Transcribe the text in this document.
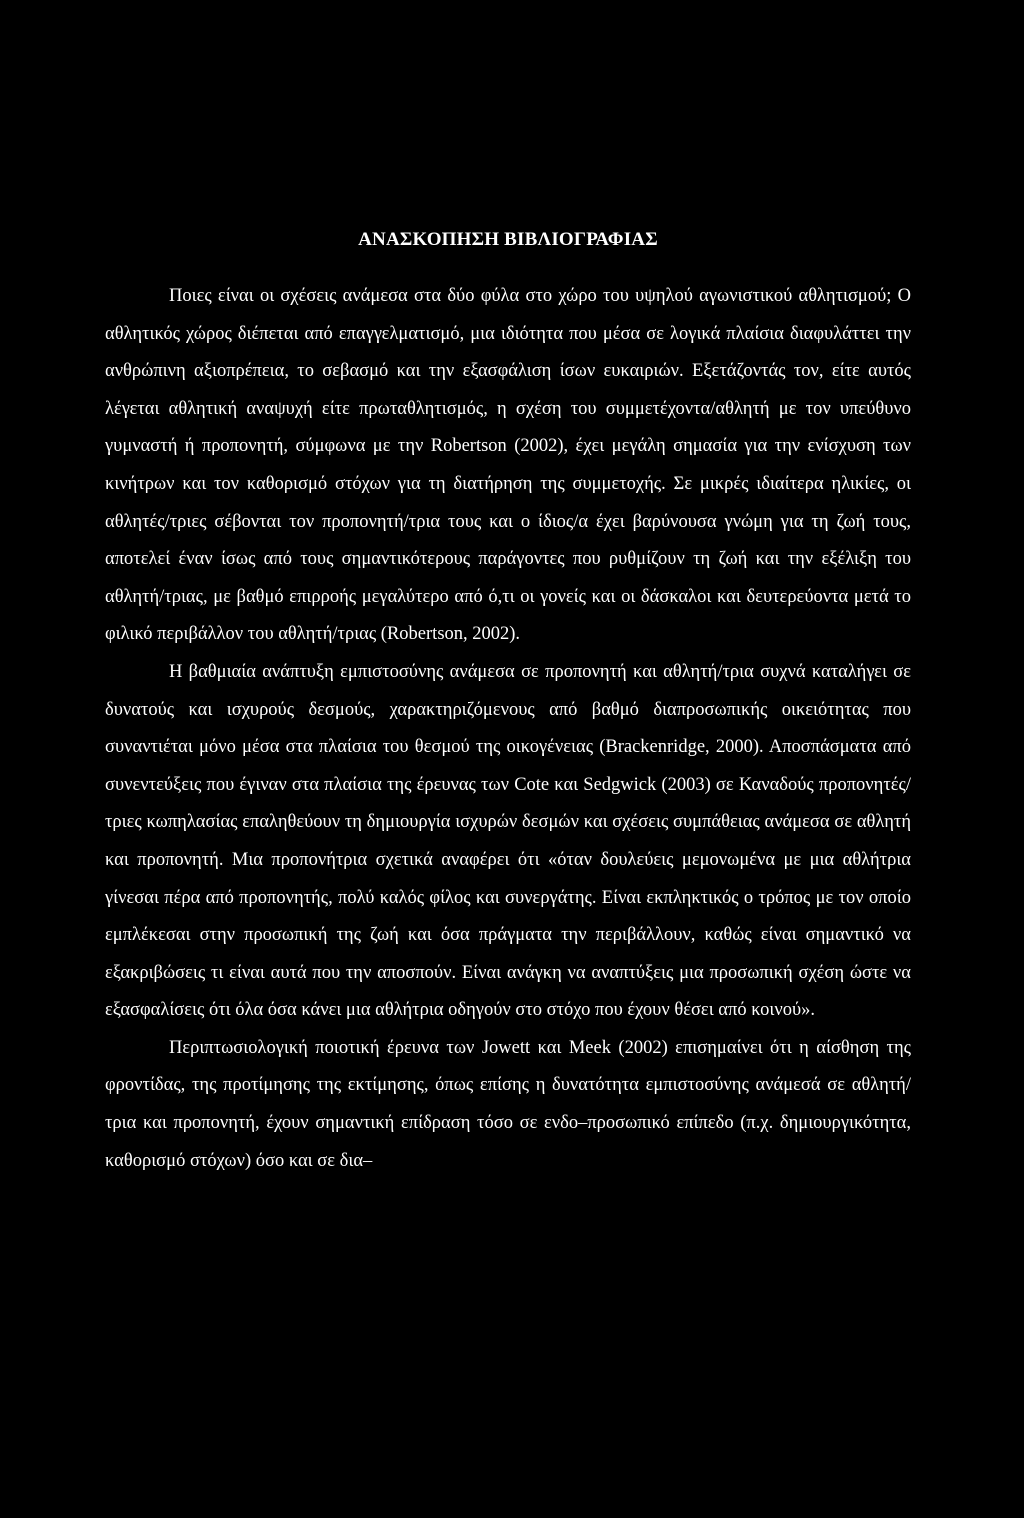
ΑΝΑΣΚΟΠΗΣΗ ΒΙΒΛΙΟΓΡΑΦΙΑΣ

Ποιες είναι οι σχέσεις ανάμεσα στα δύο φύλα στο χώρο του υψηλού αγωνιστικού αθλητισμού; Ο αθλητικός χώρος διέπεται από επαγγελματισμό, μια ιδιότητα που μέσα σε λογικά πλαίσια διαφυλάττει την ανθρώπινη αξιοπρέπεια, το σεβασμό και την εξασφάλιση ίσων ευκαιριών. Εξετάζοντάς τον, είτε αυτός λέγεται αθλητική αναψυχή είτε πρωταθλητισμός, η σχέση του συμμετέχοντα/αθλητή με τον υπεύθυνο γυμναστή ή προπονητή, σύμφωνα με την Robertson (2002), έχει μεγάλη σημασία για την ενίσχυση των κινήτρων και τον καθορισμό στόχων για τη διατήρηση της συμμετοχής. Σε μικρές ιδιαίτερα ηλικίες, οι αθλητές/τριες σέβονται τον προπονητή/τρια τους και ο ίδιος/α έχει βαρύνουσα γνώμη για τη ζωή τους, αποτελεί έναν ίσως από τους σημαντικότερους παράγοντες που ρυθμίζουν τη ζωή και την εξέλιξη του αθλητή/τριας, με βαθμό επιρροής μεγαλύτερο από ό,τι οι γονείς και οι δάσκαλοι και δευτερεύοντα μετά το φιλικό περιβάλλον του αθλητή/τριας (Robertson, 2002).

Η βαθμιαία ανάπτυξη εμπιστοσύνης ανάμεσα σε προπονητή και αθλητή/τρια συχνά καταλήγει σε δυνατούς και ισχυρούς δεσμούς, χαρακτηριζόμενους από βαθμό διαπροσωπικής οικειότητας που συναντιέται μόνο μέσα στα πλαίσια του θεσμού της οικογένειας (Brackenridge, 2000). Αποσπάσματα από συνεντεύξεις που έγιναν στα πλαίσια της έρευνας των Cote και Sedgwick (2003) σε Καναδούς προπονητές/τριες κωπηλασίας επαληθεύουν τη δημιουργία ισχυρών δεσμών και σχέσεις συμπάθειας ανάμεσα σε αθλητή και προπονητή. Μια προπονήτρια σχετικά αναφέρει ότι «όταν δουλεύεις μεμονωμένα με μια αθλήτρια γίνεσαι πέρα από προπονητής, πολύ καλός φίλος και συνεργάτης. Είναι εκπληκτικός ο τρόπος με τον οποίο εμπλέκεσαι στην προσωπική της ζωή και όσα πράγματα την περιβάλλουν, καθώς είναι σημαντικό να εξακριβώσεις τι είναι αυτά που την αποσπούν. Είναι ανάγκη να αναπτύξεις μια προσωπική σχέση ώστε να εξασφαλίσεις ότι όλα όσα κάνει μια αθλήτρια οδηγούν στο στόχο που έχουν θέσει από κοινού».

Περιπτωσιολογική ποιοτική έρευνα των Jowett και Meek (2002) επισημαίνει ότι η αίσθηση της φροντίδας, της προτίμησης της εκτίμησης, όπως επίσης η δυνατότητα εμπιστοσύνης ανάμεσά σε αθλητή/τρια και προπονητή, έχουν σημαντική επίδραση τόσο σε ενδο–προσωπικό επίπεδο (π.χ. δημιουργικότητα, καθορισμό στόχων) όσο και σε δια–
